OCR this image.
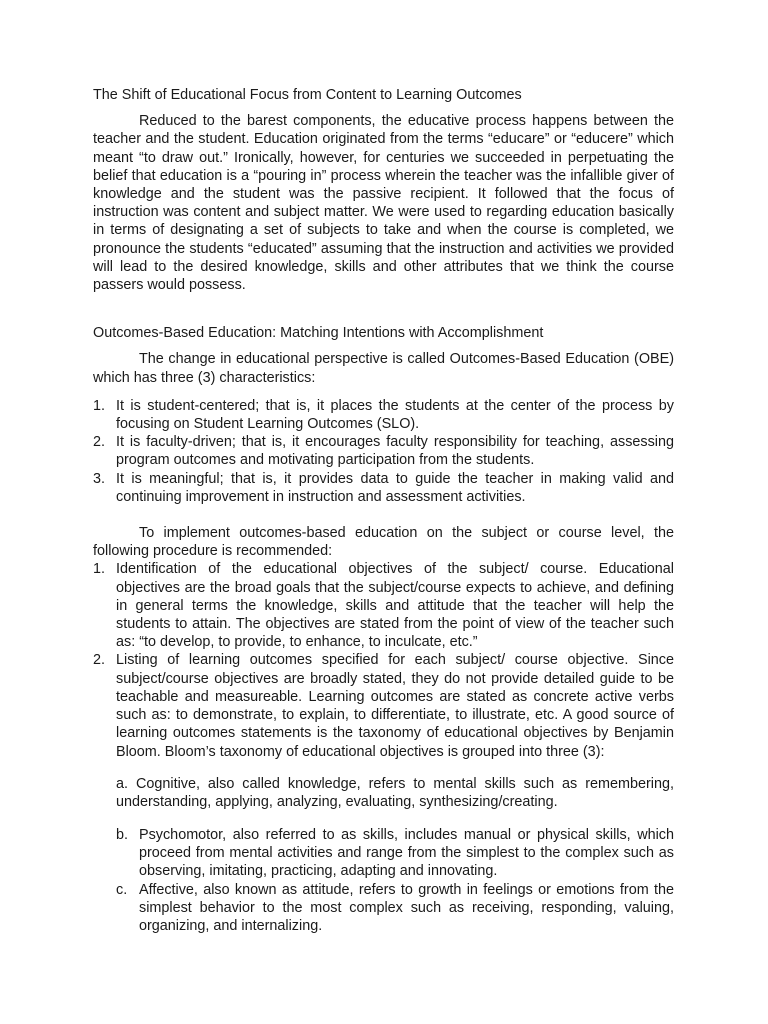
The Shift of Educational Focus from Content to Learning Outcomes

Reduced to the barest components, the educative process happens between the teacher and the student. Education originated from the terms “educare” or “educere” which meant “to draw out.” Ironically, however, for centuries we succeeded in perpetuating the belief that education is a “pouring in” process wherein the teacher was the infallible giver of knowledge and the student was the passive recipient. It followed that the focus of instruction was content and subject matter. We were used to regarding education basically in terms of designating a set of subjects to take and when the course is completed, we pronounce the students “educated” assuming that the instruction and activities we provided will lead to the desired knowledge, skills and other attributes that we think the course passers would possess.

Outcomes-Based Education: Matching Intentions with Accomplishment

The change in educational perspective is called Outcomes-Based Education (OBE) which has three (3) characteristics:

1. It is student-centered; that is, it places the students at the center of the process by focusing on Student Learning Outcomes (SLO).
2. It is faculty-driven; that is, it encourages faculty responsibility for teaching, assessing program outcomes and motivating participation from the students.
3. It is meaningful; that is, it provides data to guide the teacher in making valid and continuing improvement in instruction and assessment activities.

To implement outcomes-based education on the subject or course level, the following procedure is recommended:

1. Identification of the educational objectives of the subject/ course. Educational objectives are the broad goals that the subject/course expects to achieve, and defining in general terms the knowledge, skills and attitude that the teacher will help the students to attain. The objectives are stated from the point of view of the teacher such as: “to develop, to provide, to enhance, to inculcate, etc.”
2. Listing of learning outcomes specified for each subject/ course objective. Since subject/course objectives are broadly stated, they do not provide detailed guide to be teachable and measureable. Learning outcomes are stated as concrete active verbs such as: to demonstrate, to explain, to differentiate, to illustrate, etc. A good source of learning outcomes statements is the taxonomy of educational objectives by Benjamin Bloom. Bloom’s taxonomy of educational objectives is grouped into three (3):

a. Cognitive, also called knowledge, refers to mental skills such as remembering, understanding, applying, analyzing, evaluating, synthesizing/creating.

b. Psychomotor, also referred to as skills, includes manual or physical skills, which proceed from mental activities and range from the simplest to the complex such as observing, imitating, practicing, adapting and innovating.
c. Affective, also known as attitude, refers to growth in feelings or emotions from the simplest behavior to the most complex such as receiving, responding, valuing, organizing, and internalizing.
